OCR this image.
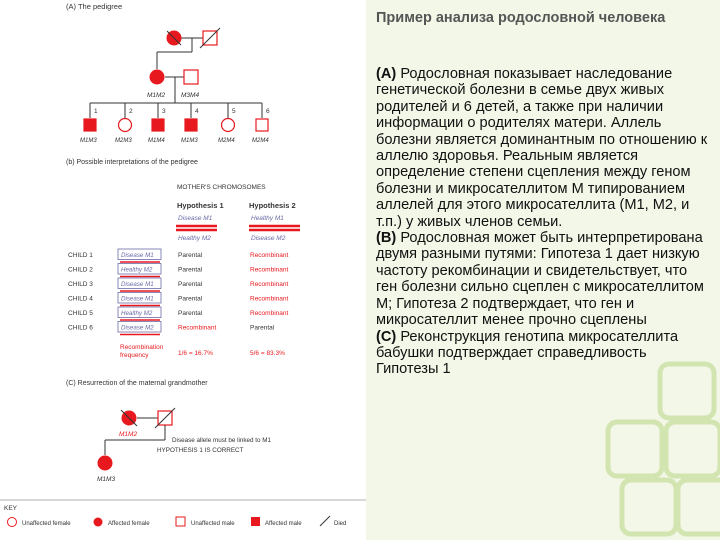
(A) The pedigree
M1M2 M3M4
1
M1M3
2
M2M3
3
M1M4
4
M1M3
5
M2M4
6
M2M4
(b) Possible interpretations of the pedigree
MOTHER'S CHROMOSOMES
Hypothesis 1	Hypothesis 2
Disease M1	Healthy M1
Healthy M2	Disease M2
CHILD 1	Disease M1	Parental	Recombinant
CHILD 2	Healthy M2	Parental	Recombinant
CHILD 3	Disease M1	Parental	Recombinant
CHILD 4	Disease M1	Parental	Recombinant
CHILD 5	Healthy M2	Parental	Recombinant
CHILD 6	Disease M2	Recombinant	Parental
Recombination
frequency	1/6 = 16.7%	5/6 = 83.3%
(C) Resurrection of the maternal grandmother
M1M2
Disease allele must be linked to M1
HYPOTHESIS 1 IS CORRECT
M1M3
KEY
Unaffected female	Affected female	Unaffected male	Affected male	Died
Пример анализа родословной человека

(A) Родословная показывает наследование генетической болезни в семье двух живых родителей и 6 детей, а также при наличии информации о родителях матери. Аллель болезни является доминантным по отношению к аллелю здоровья. Реальным является определение степени сцепления между геном болезни и микросателлитом М типированием аллелей для этого микросателлита (M1, M2, и т.п.) у живых членов семьи.

(В) Родословная может быть интерпретирована двумя разными путями: Гипотеза 1 дает низкую частоту рекомбинации и свидетельствует, что ген болезни сильно сцеплен с микросателлитом М; Гипотеза 2 подтверждает, что ген и микросателлит менее прочно сцеплены

(С) Реконструкция генотипа микросателлита бабушки подтверждает справедливость Гипотезы 1
